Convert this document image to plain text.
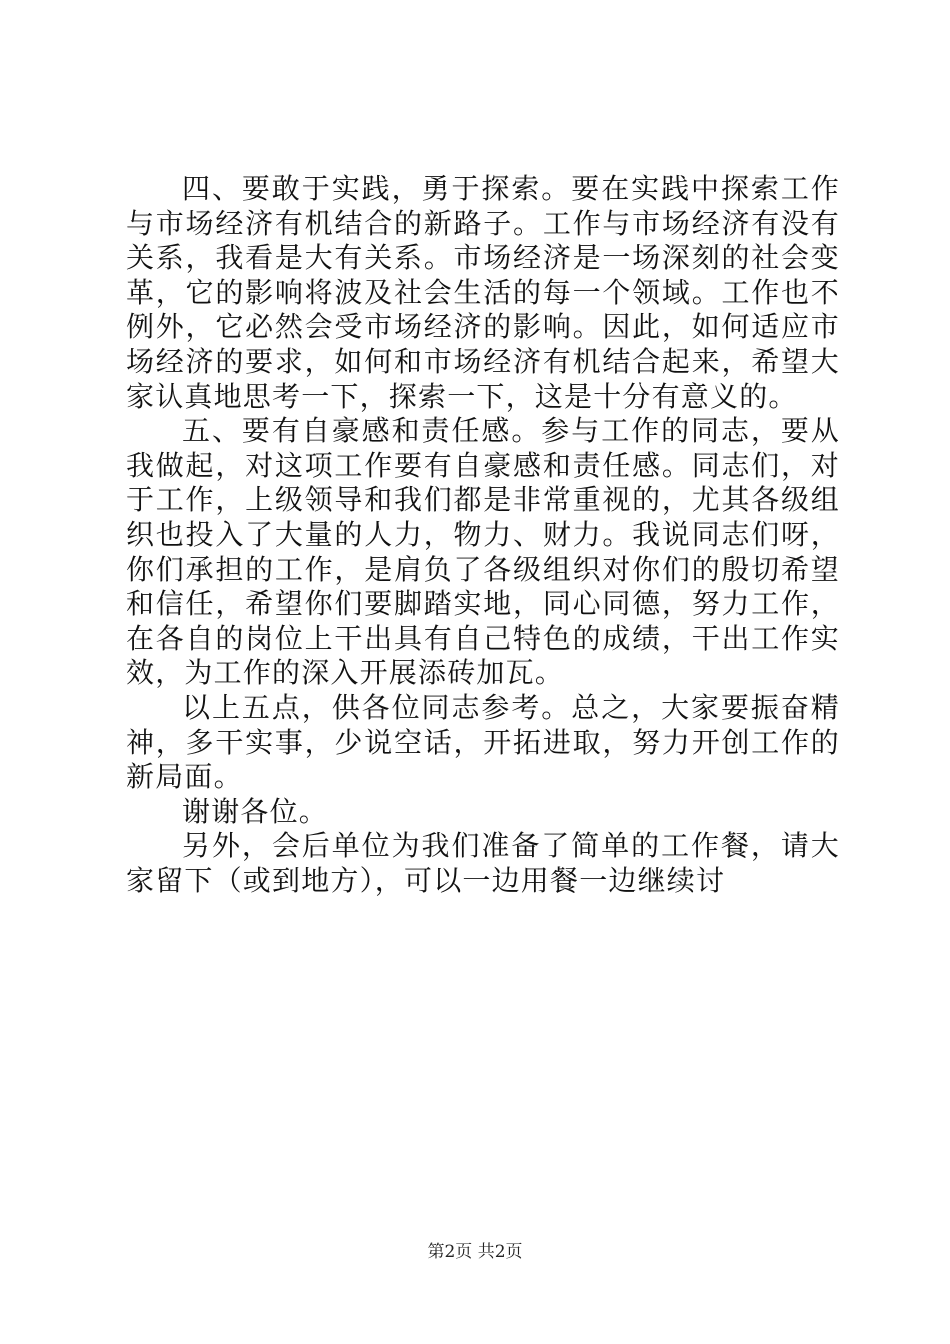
四、要敢于实践，勇于探索。要在实践中探索工作与市场经济有机结合的新路子。工作与市场经济有没有关系，我看是大有关系。市场经济是一场深刻的社会变革，它的影响将波及社会生活的每一个领域。工作也不例外，它必然会受市场经济的影响。因此，如何适应市场经济的要求，如何和市场经济有机结合起来，希望大家认真地思考一下，探索一下，这是十分有意义的。

五、要有自豪感和责任感。参与工作的同志，要从我做起，对这项工作要有自豪感和责任感。同志们，对于工作，上级领导和我们都是非常重视的，尤其各级组织也投入了大量的人力，物力、财力。我说同志们呀，你们承担的工作，是肩负了各级组织对你们的殷切希望和信任，希望你们要脚踏实地，同心同德，努力工作，在各自的岗位上干出具有自己特色的成绩，干出工作实效，为工作的深入开展添砖加瓦。

以上五点，供各位同志参考。总之，大家要振奋精神，多干实事，少说空话，开拓进取，努力开创工作的新局面。

谢谢各位。

另外，会后单位为我们准备了简单的工作餐，请大家留下（或到地方），可以一边用餐一边继续讨

第2页 共2页
